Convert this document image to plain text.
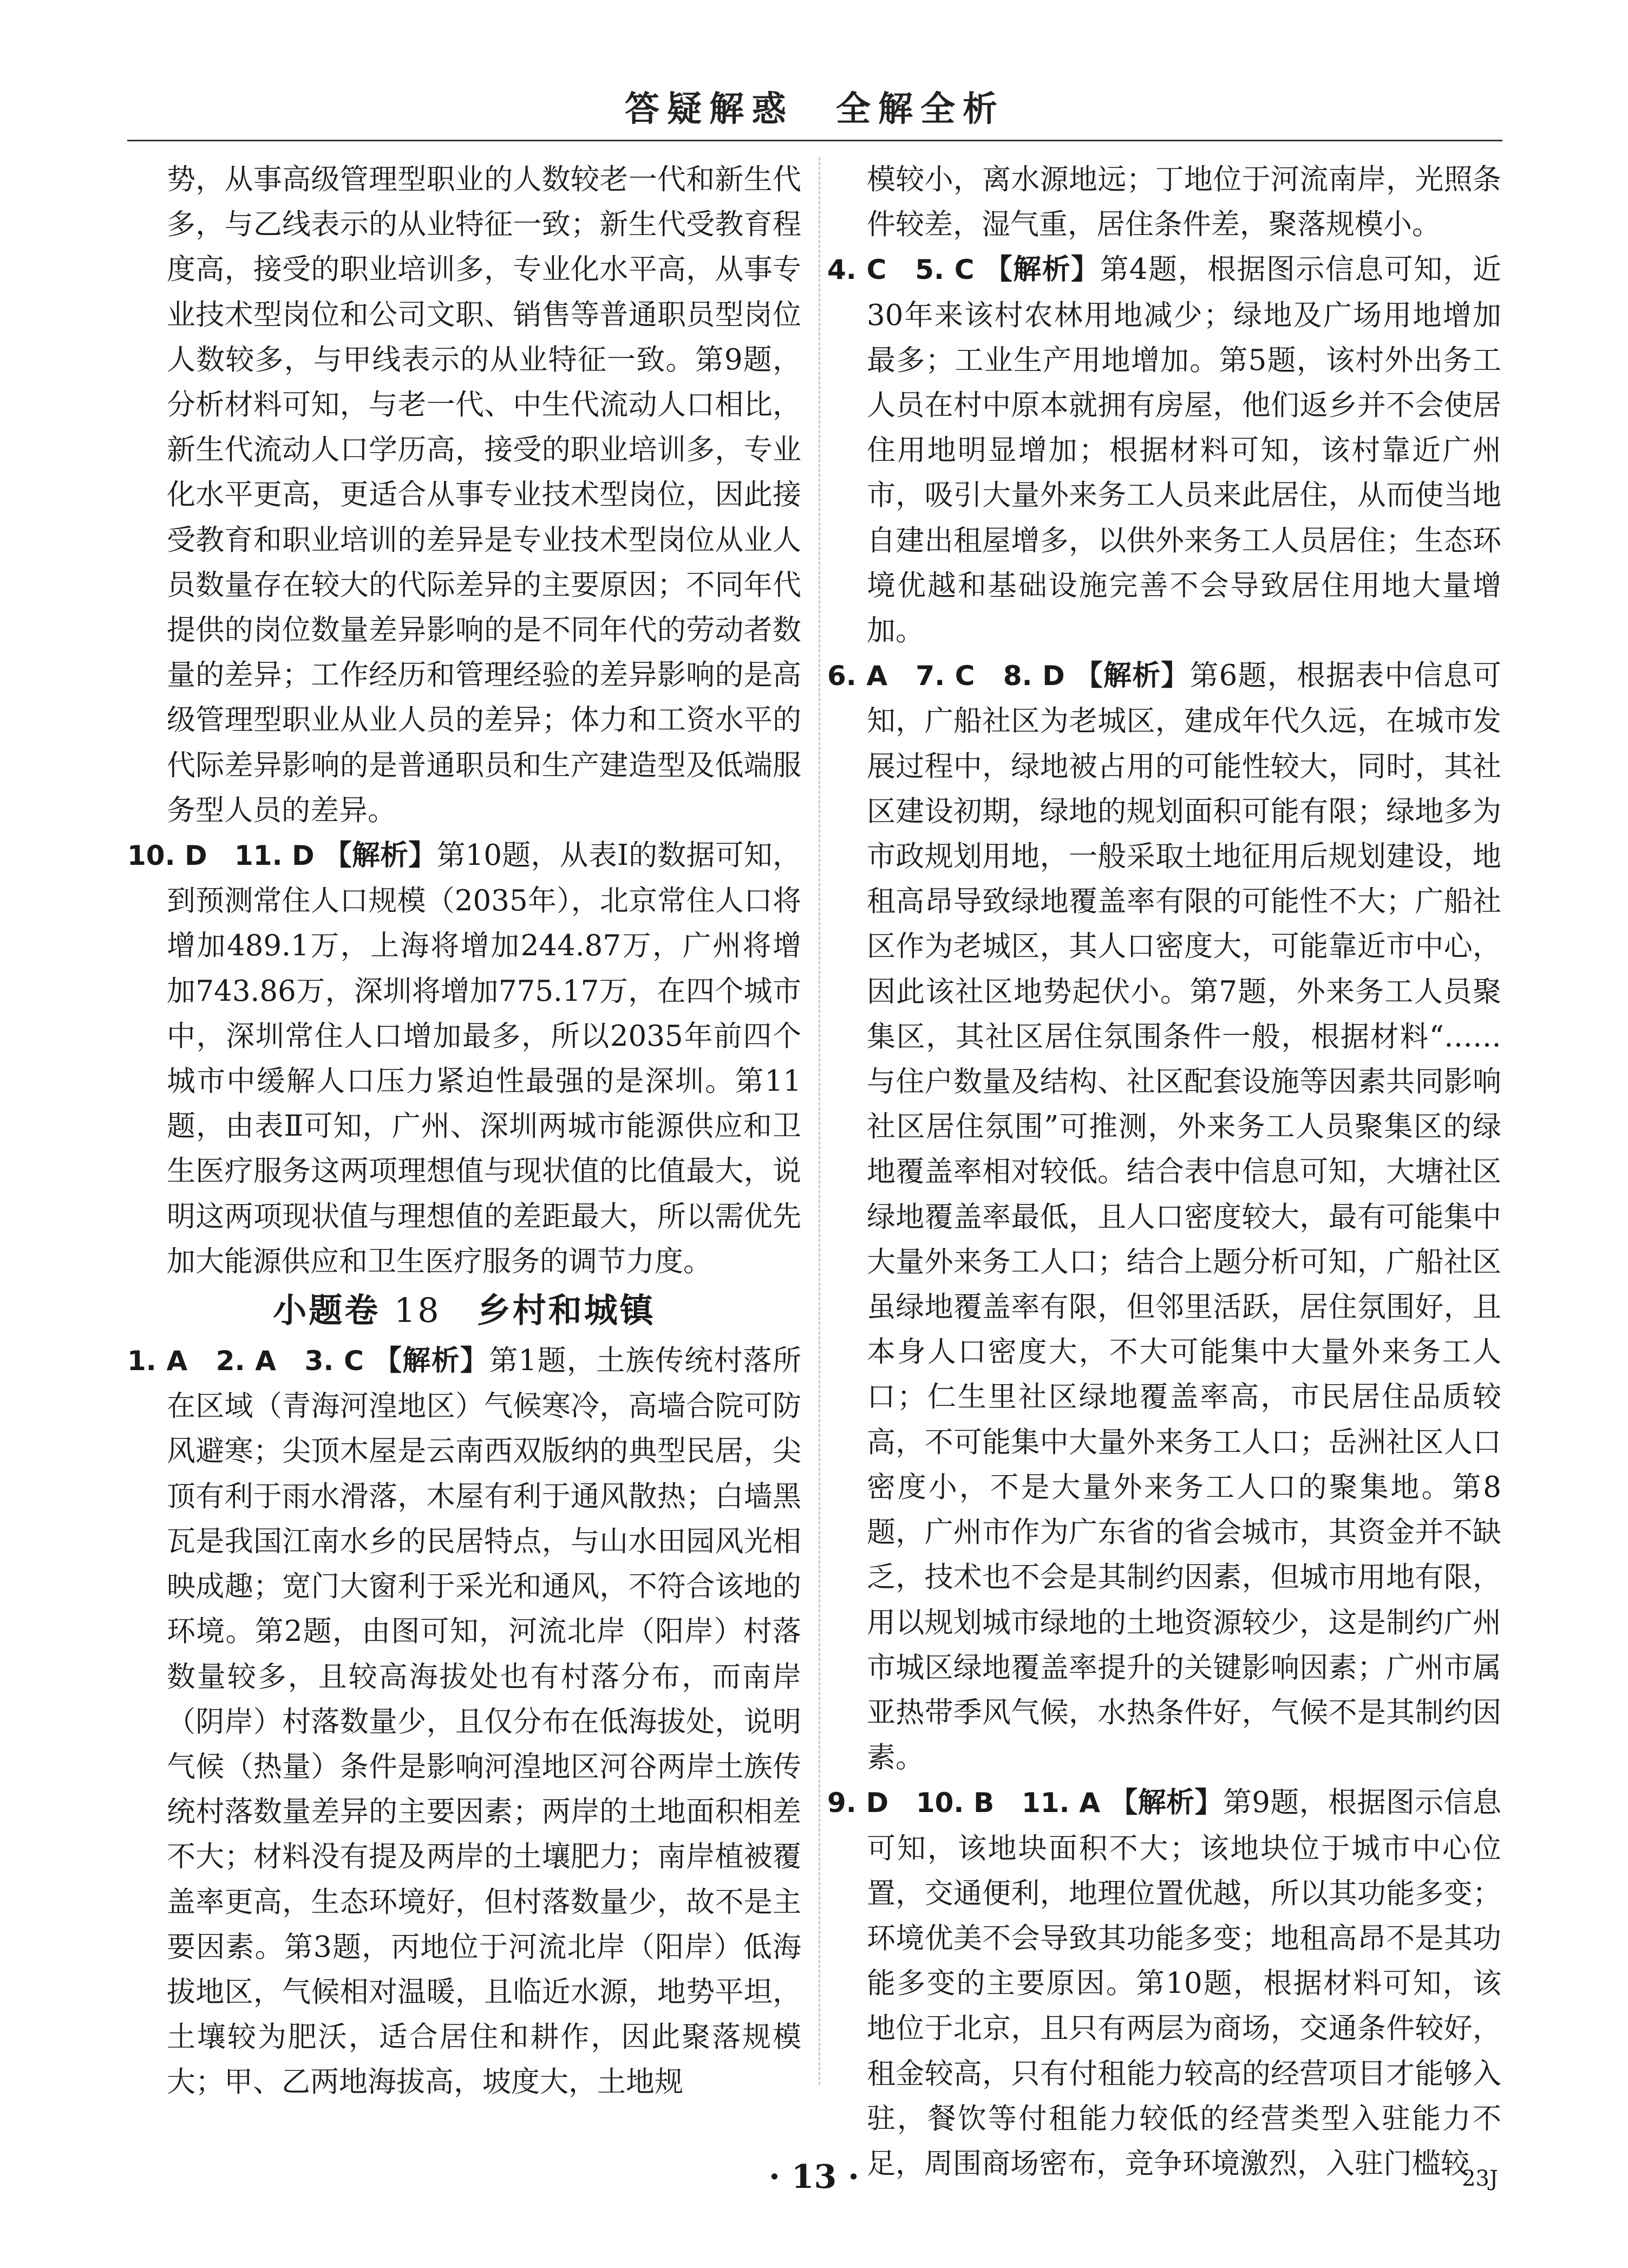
答疑解惑　全解全析

势，从事高级管理型职业的人数较老一代和新生代多，与乙线表示的从业特征一致；新生代受教育程度高，接受的职业培训多，专业化水平高，从事专业技术型岗位和公司文职、销售等普通职员型岗位人数较多，与甲线表示的从业特征一致。第9题，分析材料可知，与老一代、中生代流动人口相比，新生代流动人口学历高，接受的职业培训多，专业化水平更高，更适合从事专业技术型岗位，因此接受教育和职业培训的差异是专业技术型岗位从业人员数量存在较大的代际差异的主要原因；不同年代提供的岗位数量差异影响的是不同年代的劳动者数量的差异；工作经历和管理经验的差异影响的是高级管理型职业从业人员的差异；体力和工资水平的代际差异影响的是普通职员和生产建造型及低端服务型人员的差异。

10. D　11. D 【解析】第10题，从表Ⅰ的数据可知，到预测常住人口规模（2035年），北京常住人口将增加489.1万，上海将增加244.87万，广州将增加743.86万，深圳将增加775.17万，在四个城市中，深圳常住人口增加最多，所以2035年前四个城市中缓解人口压力紧迫性最强的是深圳。第11题，由表Ⅱ可知，广州、深圳两城市能源供应和卫生医疗服务这两项理想值与现状值的比值最大，说明这两项现状值与理想值的差距最大，所以需优先加大能源供应和卫生医疗服务的调节力度。

小题卷 18　 乡村和城镇

1. A　2. A　3. C 【解析】第1题，土族传统村落所在区域（青海河湟地区）气候寒冷，高墙合院可防风避寒；尖顶木屋是云南西双版纳的典型民居，尖顶有利于雨水滑落，木屋有利于通风散热；白墙黑瓦是我国江南水乡的民居特点，与山水田园风光相映成趣；宽门大窗利于采光和通风，不符合该地的环境。第2题，由图可知，河流北岸（阳岸）村落数量较多，且较高海拔处也有村落分布，而南岸（阴岸）村落数量少，且仅分布在低海拔处，说明气候（热量）条件是影响河湟地区河谷两岸土族传统村落数量差异的主要因素；两岸的土地面积相差不大；材料没有提及两岸的土壤肥力；南岸植被覆盖率更高，生态环境好，但村落数量少，故不是主要因素。第3题，丙地位于河流北岸（阳岸）低海拔地区，气候相对温暖，且临近水源，地势平坦，土壤较为肥沃，适合居住和耕作，因此聚落规模大；甲、乙两地海拔高，坡度大，土地规

模较小，离水源地远；丁地位于河流南岸，光照条件较差，湿气重，居住条件差，聚落规模小。

4. C　5. C 【解析】第4题，根据图示信息可知，近30年来该村农林用地减少；绿地及广场用地增加最多；工业生产用地增加。第5题，该村外出务工人员在村中原本就拥有房屋，他们返乡并不会使居住用地明显增加；根据材料可知，该村靠近广州市，吸引大量外来务工人员来此居住，从而使当地自建出租屋增多，以供外来务工人员居住；生态环境优越和基础设施完善不会导致居住用地大量增加。

6. A　7. C　8. D 【解析】第6题，根据表中信息可知，广船社区为老城区，建成年代久远，在城市发展过程中，绿地被占用的可能性较大，同时，其社区建设初期，绿地的规划面积可能有限；绿地多为市政规划用地，一般采取土地征用后规划建设，地租高昂导致绿地覆盖率有限的可能性不大；广船社区作为老城区，其人口密度大，可能靠近市中心，因此该社区地势起伏小。第7题，外来务工人员聚集区，其社区居住氛围条件一般，根据材料“……与住户数量及结构、社区配套设施等因素共同影响社区居住氛围”可推测，外来务工人员聚集区的绿地覆盖率相对较低。结合表中信息可知，大塘社区绿地覆盖率最低，且人口密度较大，最有可能集中大量外来务工人口；结合上题分析可知，广船社区虽绿地覆盖率有限，但邻里活跃，居住氛围好，且本身人口密度大，不大可能集中大量外来务工人口；仁生里社区绿地覆盖率高，市民居住品质较高，不可能集中大量外来务工人口；岳洲社区人口密度小，不是大量外来务工人口的聚集地。第8题，广州市作为广东省的省会城市，其资金并不缺乏，技术也不会是其制约因素，但城市用地有限，用以规划城市绿地的土地资源较少，这是制约广州市城区绿地覆盖率提升的关键影响因素；广州市属亚热带季风气候，水热条件好，气候不是其制约因素。

9. D　10. B　11. A 【解析】第9题，根据图示信息可知，该地块面积不大；该地块位于城市中心位置，交通便利，地理位置优越，所以其功能多变；环境优美不会导致其功能多变；地租高昂不是其功能多变的主要原因。第10题，根据材料可知，该地位于北京，且只有两层为商场，交通条件较好，租金较高，只有付租能力较高的经营项目才能够入驻，餐饮等付租能力较低的经营类型入驻能力不足，周围商场密布，竞争环境激烈，入驻门槛较

· 13 ·	23J
